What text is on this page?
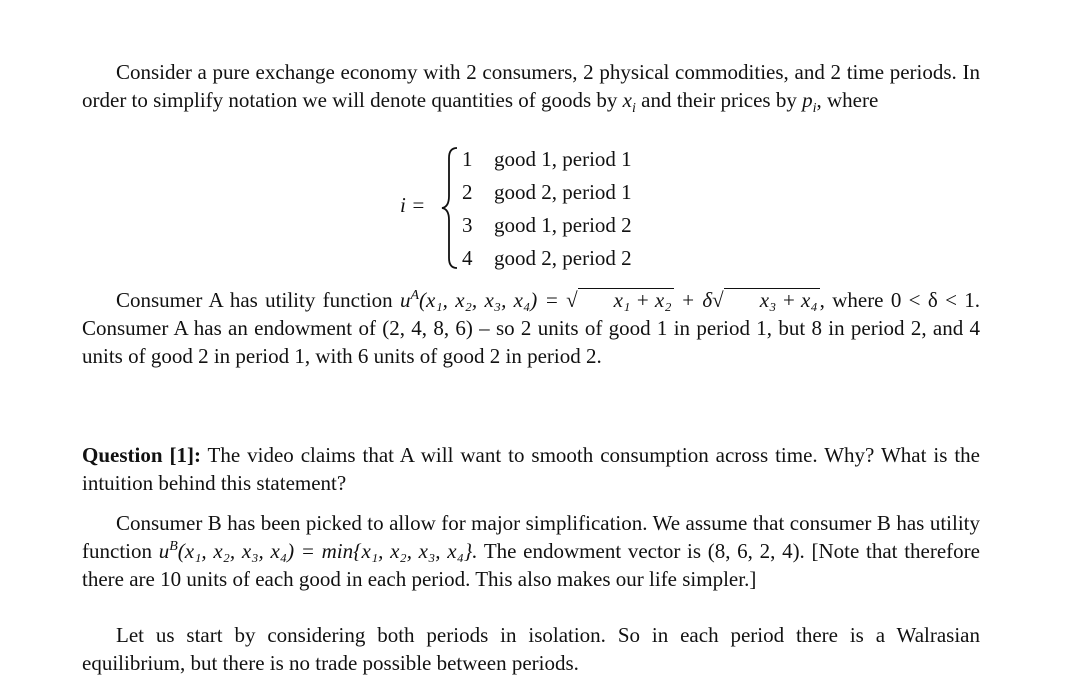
Consider a pure exchange economy with 2 consumers, 2 physical commodities, and 2 time periods. In order to simplify notation we will denote quantities of goods by $x_i$ and their prices by $p_i$, where
i =
1 good 1, period 1
2 good 2, period 1
3 good 1, period 2
4 good 2, period 2
Consumer A has utility function $u^A(x_1$, x₂, x₃, x₄) = √ x₁ + x₂ + δ√ x₃ + x₄, where 0 < δ < 1. Consumer A has an endowment of (2, 4, 8, 6) – so 2 units of good 1 in period 1, but 8 in period 2, and 4 units of good 2 in period 1, with 6 units of good 2 in period 2.
Question [1]: The video claims that A will want to smooth consumption across time. Why? What is the intuition behind this statement?
Consumer B has been picked to allow for major simplification. We assume that consumer B has utility function $u^B(x_1$, x₂, x₃, x₄) = min{x₁, x₂, x₃, x₄}. The endowment vector is (8, 6, 2, 4). [Note that therefore there are 10 units of each good in each period. This also makes our life simpler.]
Let us start by considering both periods in isolation. So in each period there is a Walrasian equilibrium, but there is no trade possible between periods.
